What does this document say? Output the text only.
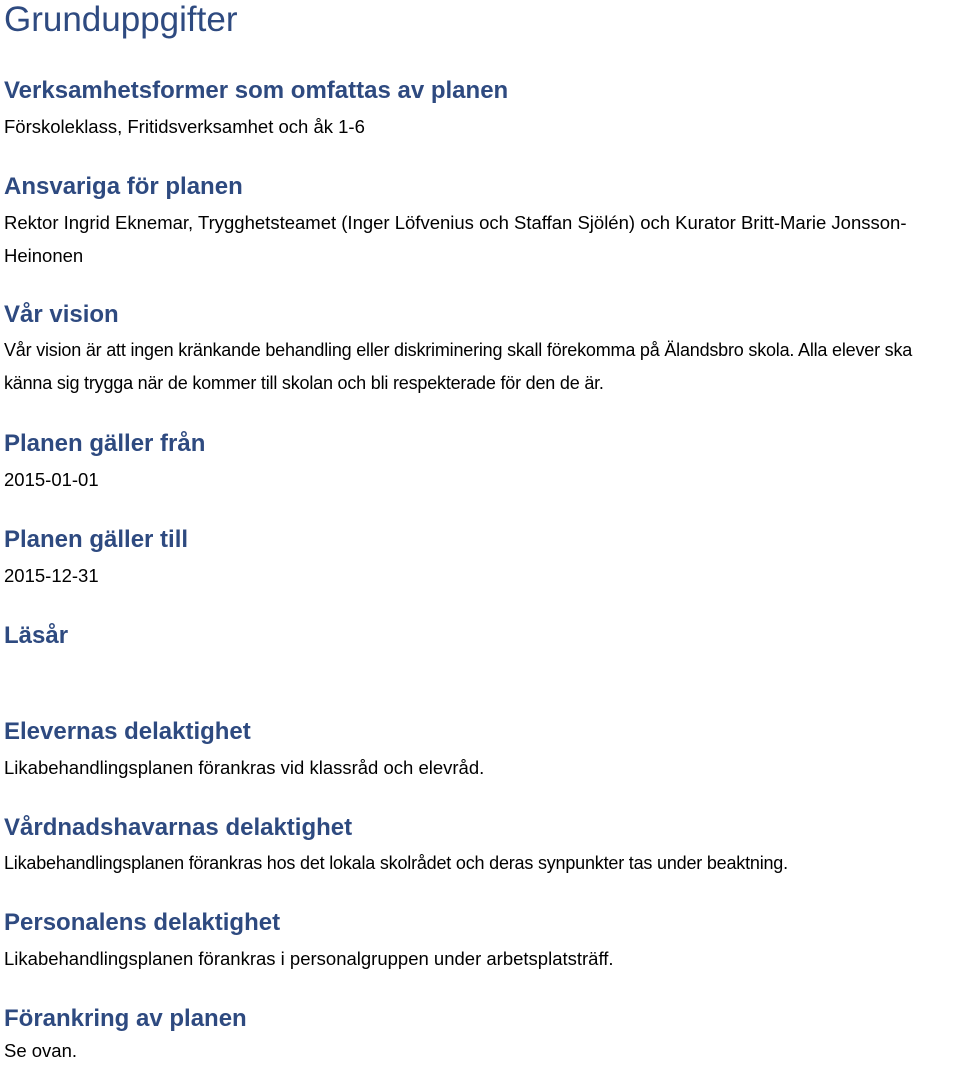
Grunduppgifter
Verksamhetsformer som omfattas av planen

Förskoleklass, Fritidsverksamhet och åk 1-6

Ansvariga för planen

Rektor Ingrid Eknemar, Trygghetsteamet (Inger Löfvenius och Staffan Sjölén) och Kurator Britt-Marie Jonsson-Heinonen

Vår vision

Vår vision är att ingen kränkande behandling eller diskriminering skall förekomma på Älandsbro skola. Alla elever ska känna sig trygga när de kommer till skolan och bli respekterade för den de är.

Planen gäller från

2015-01-01

Planen gäller till

2015-12-31

Läsår

Elevernas delaktighet

Likabehandlingsplanen förankras vid klassråd och elevråd.

Vårdnadshavarnas delaktighet

Likabehandlingsplanen förankras hos det lokala skolrådet och deras synpunkter tas under beaktning.

Personalens delaktighet

Likabehandlingsplanen förankras i personalgruppen under arbetsplatsträff.

Förankring av planen

Se ovan.
